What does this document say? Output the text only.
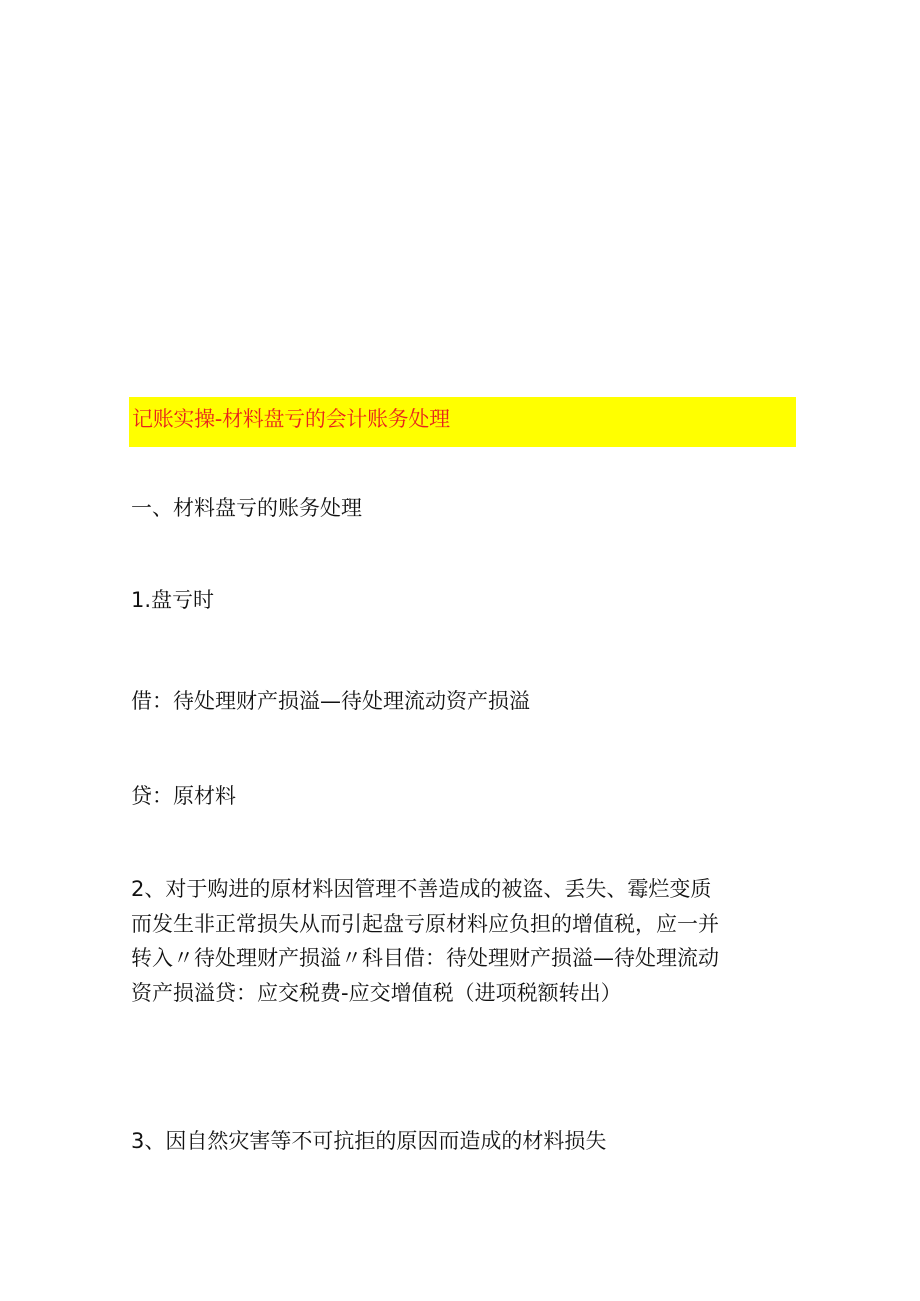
记账实操-材料盘亏的会计账务处理
一、材料盘亏的账务处理
1.盘亏时
借：待处理财产损溢—待处理流动资产损溢
贷：原材料
2、对于购进的原材料因管理不善造成的被盗、丢失、霉烂变质
而发生非正常损失从而引起盘亏原材料应负担的增值税，应一并
转入〃待处理财产损溢〃科目借：待处理财产损溢—待处理流动
资产损溢贷：应交税费-应交增值税（进项税额转出）
3、因自然灾害等不可抗拒的原因而造成的材料损失
